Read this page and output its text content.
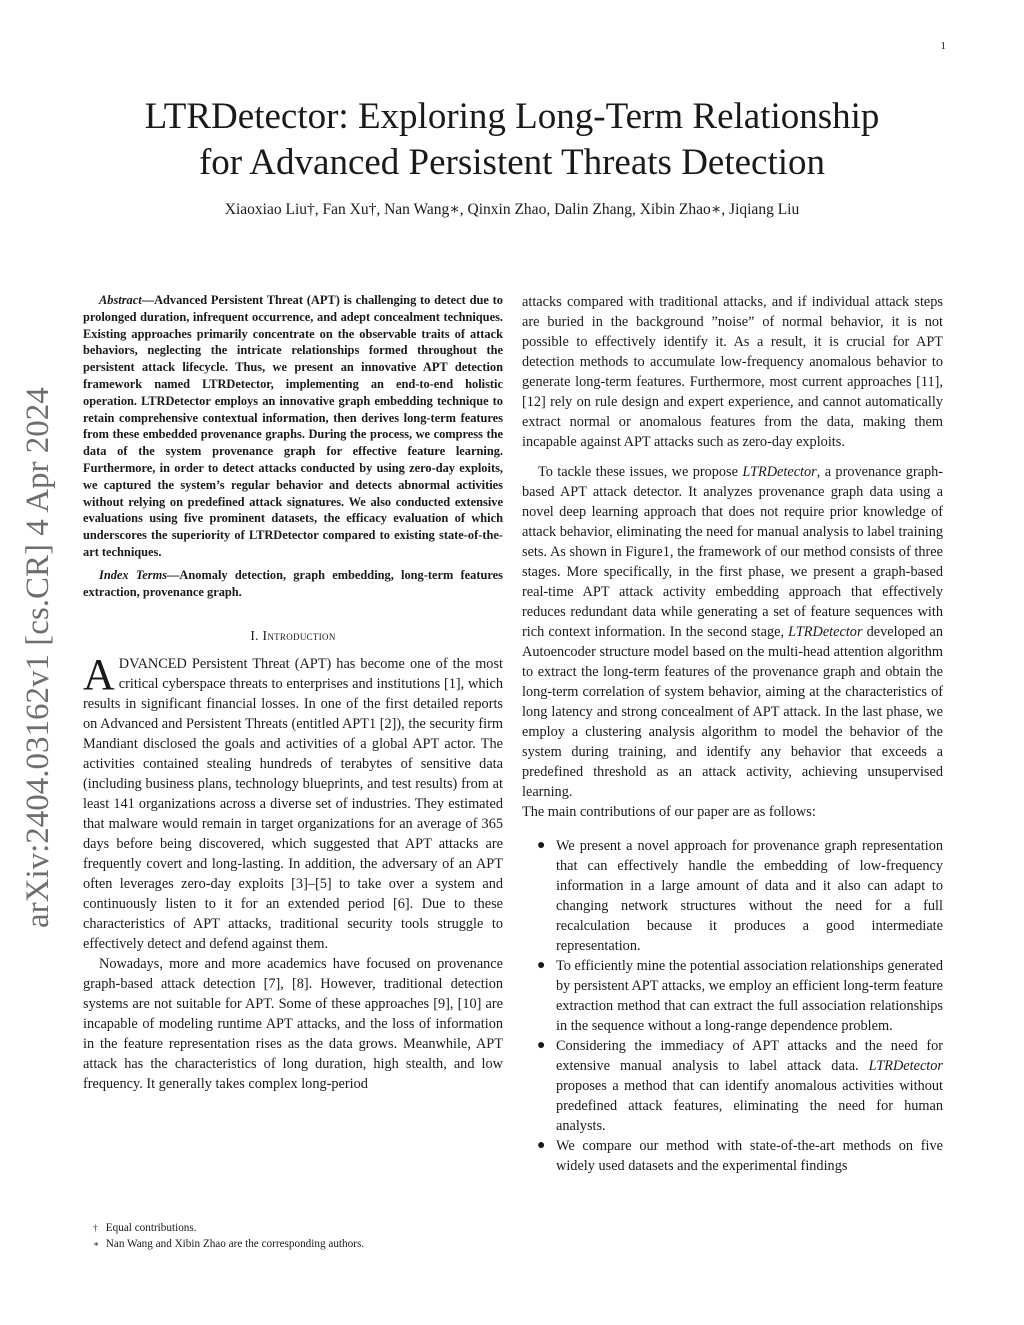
1
arXiv:2404.03162v1 [cs.CR] 4 Apr 2024
LTRDetector: Exploring Long-Term Relationship
for Advanced Persistent Threats Detection
Xiaoxiao Liu†, Fan Xu†, Nan Wang∗, Qinxin Zhao, Dalin Zhang, Xibin Zhao∗, Jiqiang Liu

Abstract—Advanced Persistent Threat (APT) is challenging to detect due to prolonged duration, infrequent occurrence, and adept concealment techniques. Existing approaches primarily concentrate on the observable traits of attack behaviors, neglecting the intricate relationships formed throughout the persistent attack lifecycle. Thus, we present an innovative APT detection framework named LTRDetector, implementing an end-to-end holistic operation. LTRDetector employs an innovative graph embedding technique to retain comprehensive contextual information, then derives long-term features from these embedded provenance graphs. During the process, we compress the data of the system provenance graph for effective feature learning. Furthermore, in order to detect attacks conducted by using zero-day exploits, we captured the system’s regular behavior and detects abnormal activities without relying on predefined attack signatures. We also conducted extensive evaluations using five prominent datasets, the efficacy evaluation of which underscores the superiority of LTRDetector compared to existing state-of-the-art techniques.

Index Terms—Anomaly detection, graph embedding, long-term features extraction, provenance graph.

I. Introduction

ADVANCED Persistent Threat (APT) has become one of the most critical cyberspace threats to enterprises and institutions [1], which results in significant financial losses. In one of the first detailed reports on Advanced and Persistent Threats (entitled APT1 [2]), the security firm Mandiant disclosed the goals and activities of a global APT actor. The activities contained stealing hundreds of terabytes of sensitive data (including business plans, technology blueprints, and test results) from at least 141 organizations across a diverse set of industries. They estimated that malware would remain in target organizations for an average of 365 days before being discovered, which suggested that APT attacks are frequently covert and long-lasting. In addition, the adversary of an APT often leverages zero-day exploits [3]–[5] to take over a system and continuously listen to it for an extended period [6]. Due to these characteristics of APT attacks, traditional security tools struggle to effectively detect and defend against them.

Nowadays, more and more academics have focused on provenance graph-based attack detection [7], [8]. However, traditional detection systems are not suitable for APT. Some of these approaches [9], [10] are incapable of modeling runtime APT attacks, and the loss of information in the feature representation rises as the data grows. Meanwhile, APT attack has the characteristics of long duration, high stealth, and low frequency. It generally takes complex long-period

attacks compared with traditional attacks, and if individual attack steps are buried in the background ”noise” of normal behavior, it is not possible to effectively identify it. As a result, it is crucial for APT detection methods to accumulate low-frequency anomalous behavior to generate long-term features. Furthermore, most current approaches [11], [12] rely on rule design and expert experience, and cannot automatically extract normal or anomalous features from the data, making them incapable against APT attacks such as zero-day exploits.

To tackle these issues, we propose LTRDetector, a provenance graph-based APT attack detector. It analyzes provenance graph data using a novel deep learning approach that does not require prior knowledge of attack behavior, eliminating the need for manual analysis to label training sets. As shown in Figure1, the framework of our method consists of three stages. More specifically, in the first phase, we present a graph-based real-time APT attack activity embedding approach that effectively reduces redundant data while generating a set of feature sequences with rich context information. In the second stage, LTRDetector developed an Autoencoder structure model based on the multi-head attention algorithm to extract the long-term features of the provenance graph and obtain the long-term correlation of system behavior, aiming at the characteristics of long latency and strong concealment of APT attack. In the last phase, we employ a clustering analysis algorithm to model the behavior of the system during training, and identify any behavior that exceeds a predefined threshold as an attack activity, achieving unsupervised learning.

The main contributions of our paper are as follows:

● We present a novel approach for provenance graph representation that can effectively handle the embedding of low-frequency information in a large amount of data and it also can adapt to changing network structures without the need for a full recalculation because it produces a good intermediate representation.
● To efficiently mine the potential association relationships generated by persistent APT attacks, we employ an efficient long-term feature extraction method that can extract the full association relationships in the sequence without a long-range dependence problem.
● Considering the immediacy of APT attacks and the need for extensive manual analysis to label attack data. LTRDetector proposes a method that can identify anomalous activities without predefined attack features, eliminating the need for human analysts.
● We compare our method with state-of-the-art methods on five widely used datasets and the experimental findings
† Equal contributions.
∗ Nan Wang and Xibin Zhao are the corresponding authors.
